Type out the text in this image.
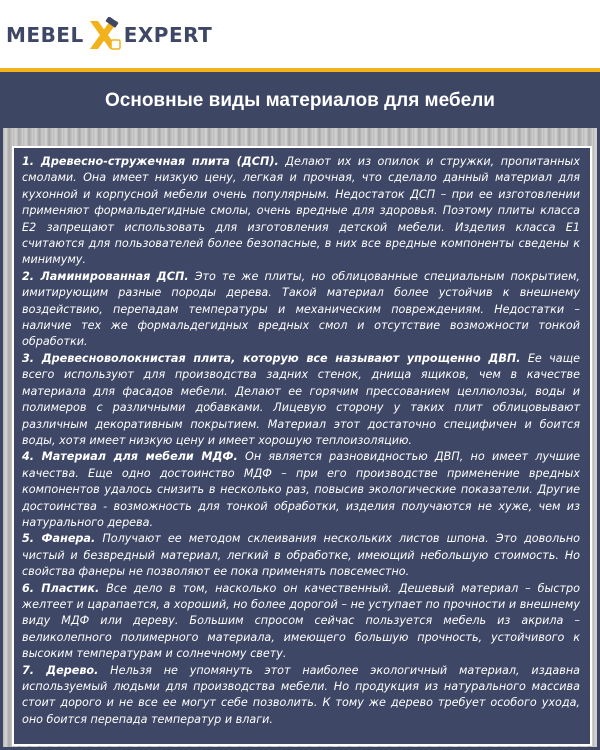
MEBEL EXPERT
Основные виды материалов для мебели

1. Древесно-стружечная плита (ДСП). Делают их из опилок и стружки, пропитанных смолами. Она имеет низкую цену, легкая и прочная, что сделало данный материал для кухонной и корпусной мебели очень популярным. Недостаток ДСП – при ее изготовлении применяют формальдегидные смолы, очень вредные для здоровья. Поэтому плиты класса Е2 запрещают использовать для изготовления детской мебели. Изделия класса Е1 считаются для пользователей более безопасные, в них все вредные компоненты сведены к минимуму.

2. Ламинированная ДСП. Это те же плиты, но облицованные специальным покрытием, имитирующим разные породы дерева. Такой материал более устойчив к внешнему воздействию, перепадам температуры и механическим повреждениям. Недостатки – наличие тех же формальдегидных вредных смол и отсутствие возможности тонкой обработки.

3. Древесноволокнистая плита, которую все называют упрощенно ДВП. Ее чаще всего используют для производства задних стенок, днища ящиков, чем в качестве материала для фасадов мебели. Делают ее горячим прессованием целлюлозы, воды и полимеров с различными добавками. Лицевую сторону у таких плит облицовывают различным декоративным покрытием. Материал этот достаточно специфичен и боится воды, хотя имеет низкую цену и имеет хорошую теплоизоляцию.

4. Материал для мебели МДФ. Он является разновидностью ДВП, но имеет лучшие качества. Еще одно достоинство МДФ – при его производстве применение вредных компонентов удалось снизить в несколько раз, повысив экологические показатели. Другие достоинства - возможность для тонкой обработки, изделия получаются не хуже, чем из натурального дерева.

5. Фанера. Получают ее методом склеивания нескольких листов шпона. Это довольно чистый и безвредный материал, легкий в обработке, имеющий небольшую стоимость. Но свойства фанеры не позволяют ее пока применять повсеместно.

6. Пластик. Все дело в том, насколько он качественный. Дешевый материал – быстро желтеет и царапается, а хороший, но более дорогой – не уступает по прочности и внешнему виду МДФ или дереву. Большим спросом сейчас пользуется мебель из акрила – великолепного полимерного материала, имеющего большую прочность, устойчивого к высоким температурам и солнечному свету.

7. Дерево. Нельзя не упомянуть этот наиболее экологичный материал, издавна используемый людьми для производства мебели. Но продукция из натурального массива стоит дорого и не все ее могут себе позволить. К тому же дерево требует особого ухода, оно боится перепада температур и влаги.
